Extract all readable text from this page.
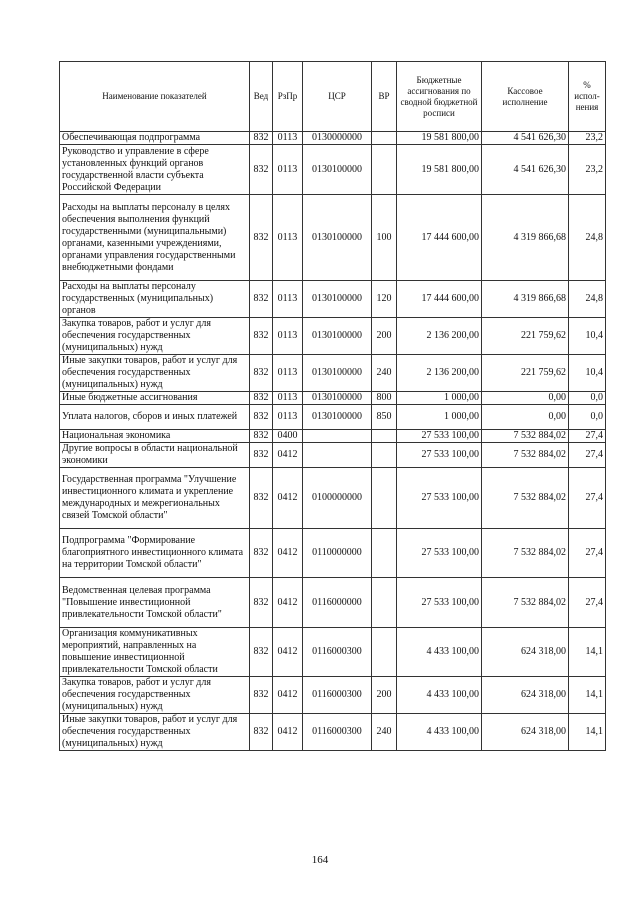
Наименование показателей	Вед	РзПр	ЦСР	ВР	Бюджетные ассигнования по сводной бюджетной росписи	Кассовое исполнение	% испол-нения
Обеспечивающая подпрограмма	832	0113	0130000000		19 581 800,00	4 541 626,30	23,2
Руководство и управление в сфере установленных функций органов государственной власти субъекта Российской Федерации	832	0113	0130100000		19 581 800,00	4 541 626,30	23,2
Расходы на выплаты персоналу в целях обеспечения выполнения функций государственными (муниципальными) органами, казенными учреждениями, органами управления государственными внебюджетными фондами	832	0113	0130100000	100	17 444 600,00	4 319 866,68	24,8
Расходы на выплаты персоналу государственных (муниципальных) органов	832	0113	0130100000	120	17 444 600,00	4 319 866,68	24,8
Закупка товаров, работ и услуг для обеспечения государственных (муниципальных) нужд	832	0113	0130100000	200	2 136 200,00	221 759,62	10,4
Иные закупки товаров, работ и услуг для обеспечения государственных (муниципальных) нужд	832	0113	0130100000	240	2 136 200,00	221 759,62	10,4
Иные бюджетные ассигнования	832	0113	0130100000	800	1 000,00	0,00	0,0
Уплата налогов, сборов и иных платежей	832	0113	0130100000	850	1 000,00	0,00	0,0
Национальная экономика	832	0400			27 533 100,00	7 532 884,02	27,4
Другие вопросы в области национальной экономики	832	0412			27 533 100,00	7 532 884,02	27,4
Государственная программа "Улучшение инвестиционного климата и укрепление международных и межрегиональных связей Томской области"	832	0412	0100000000		27 533 100,00	7 532 884,02	27,4
Подпрограмма "Формирование благоприятного инвестиционного климата на территории Томской области"	832	0412	0110000000		27 533 100,00	7 532 884,02	27,4
Ведомственная целевая программа "Повышение инвестиционной привлекательности Томской области"	832	0412	0116000000		27 533 100,00	7 532 884,02	27,4
Организация коммуникативных мероприятий, направленных на повышение инвестиционной привлекательности Томской области	832	0412	0116000300		4 433 100,00	624 318,00	14,1
Закупка товаров, работ и услуг для обеспечения государственных (муниципальных) нужд	832	0412	0116000300	200	4 433 100,00	624 318,00	14,1
Иные закупки товаров, работ и услуг для обеспечения государственных (муниципальных) нужд	832	0412	0116000300	240	4 433 100,00	624 318,00	14,1
164
